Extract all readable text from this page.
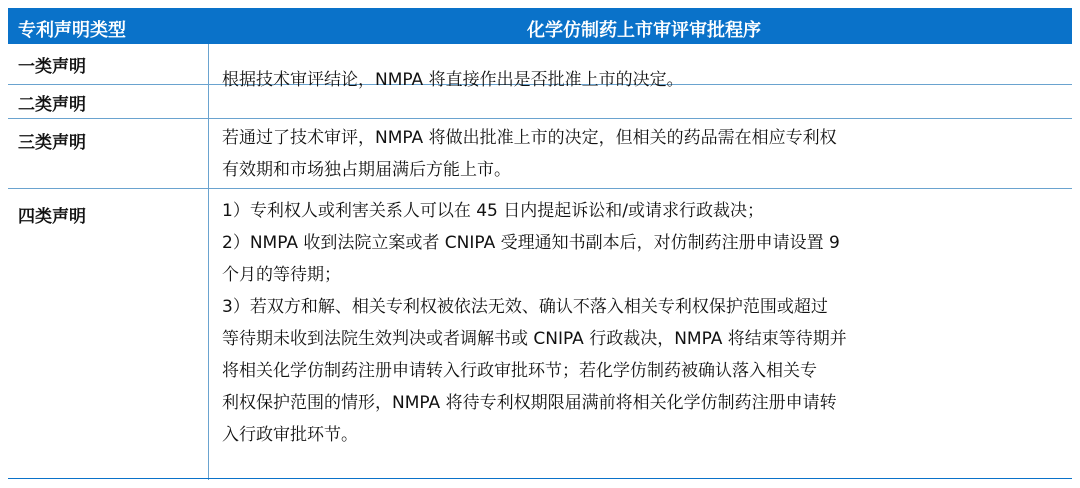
专利声明类型	化学仿制药上市审评审批程序
一类声明
二类声明
三类声明
四类声明
根据技术审评结论，NMPA 将直接作出是否批准上市的决定。
若通过了技术审评，NMPA 将做出批准上市的决定，但相关的药品需在相应专利权
有效期和市场独占期届满后方能上市。
1）专利权人或利害关系人可以在 45 日内提起诉讼和/或请求行政裁决；
2）NMPA 收到法院立案或者 CNIPA 受理通知书副本后，对仿制药注册申请设置 9
个月的等待期；
3）若双方和解、相关专利权被依法无效、确认不落入相关专利权保护范围或超过
等待期未收到法院生效判决或者调解书或 CNIPA 行政裁决，NMPA 将结束等待期并
将相关化学仿制药注册申请转入行政审批环节；若化学仿制药被确认落入相关专
利权保护范围的情形，NMPA 将待专利权期限届满前将相关化学仿制药注册申请转
入行政审批环节。
